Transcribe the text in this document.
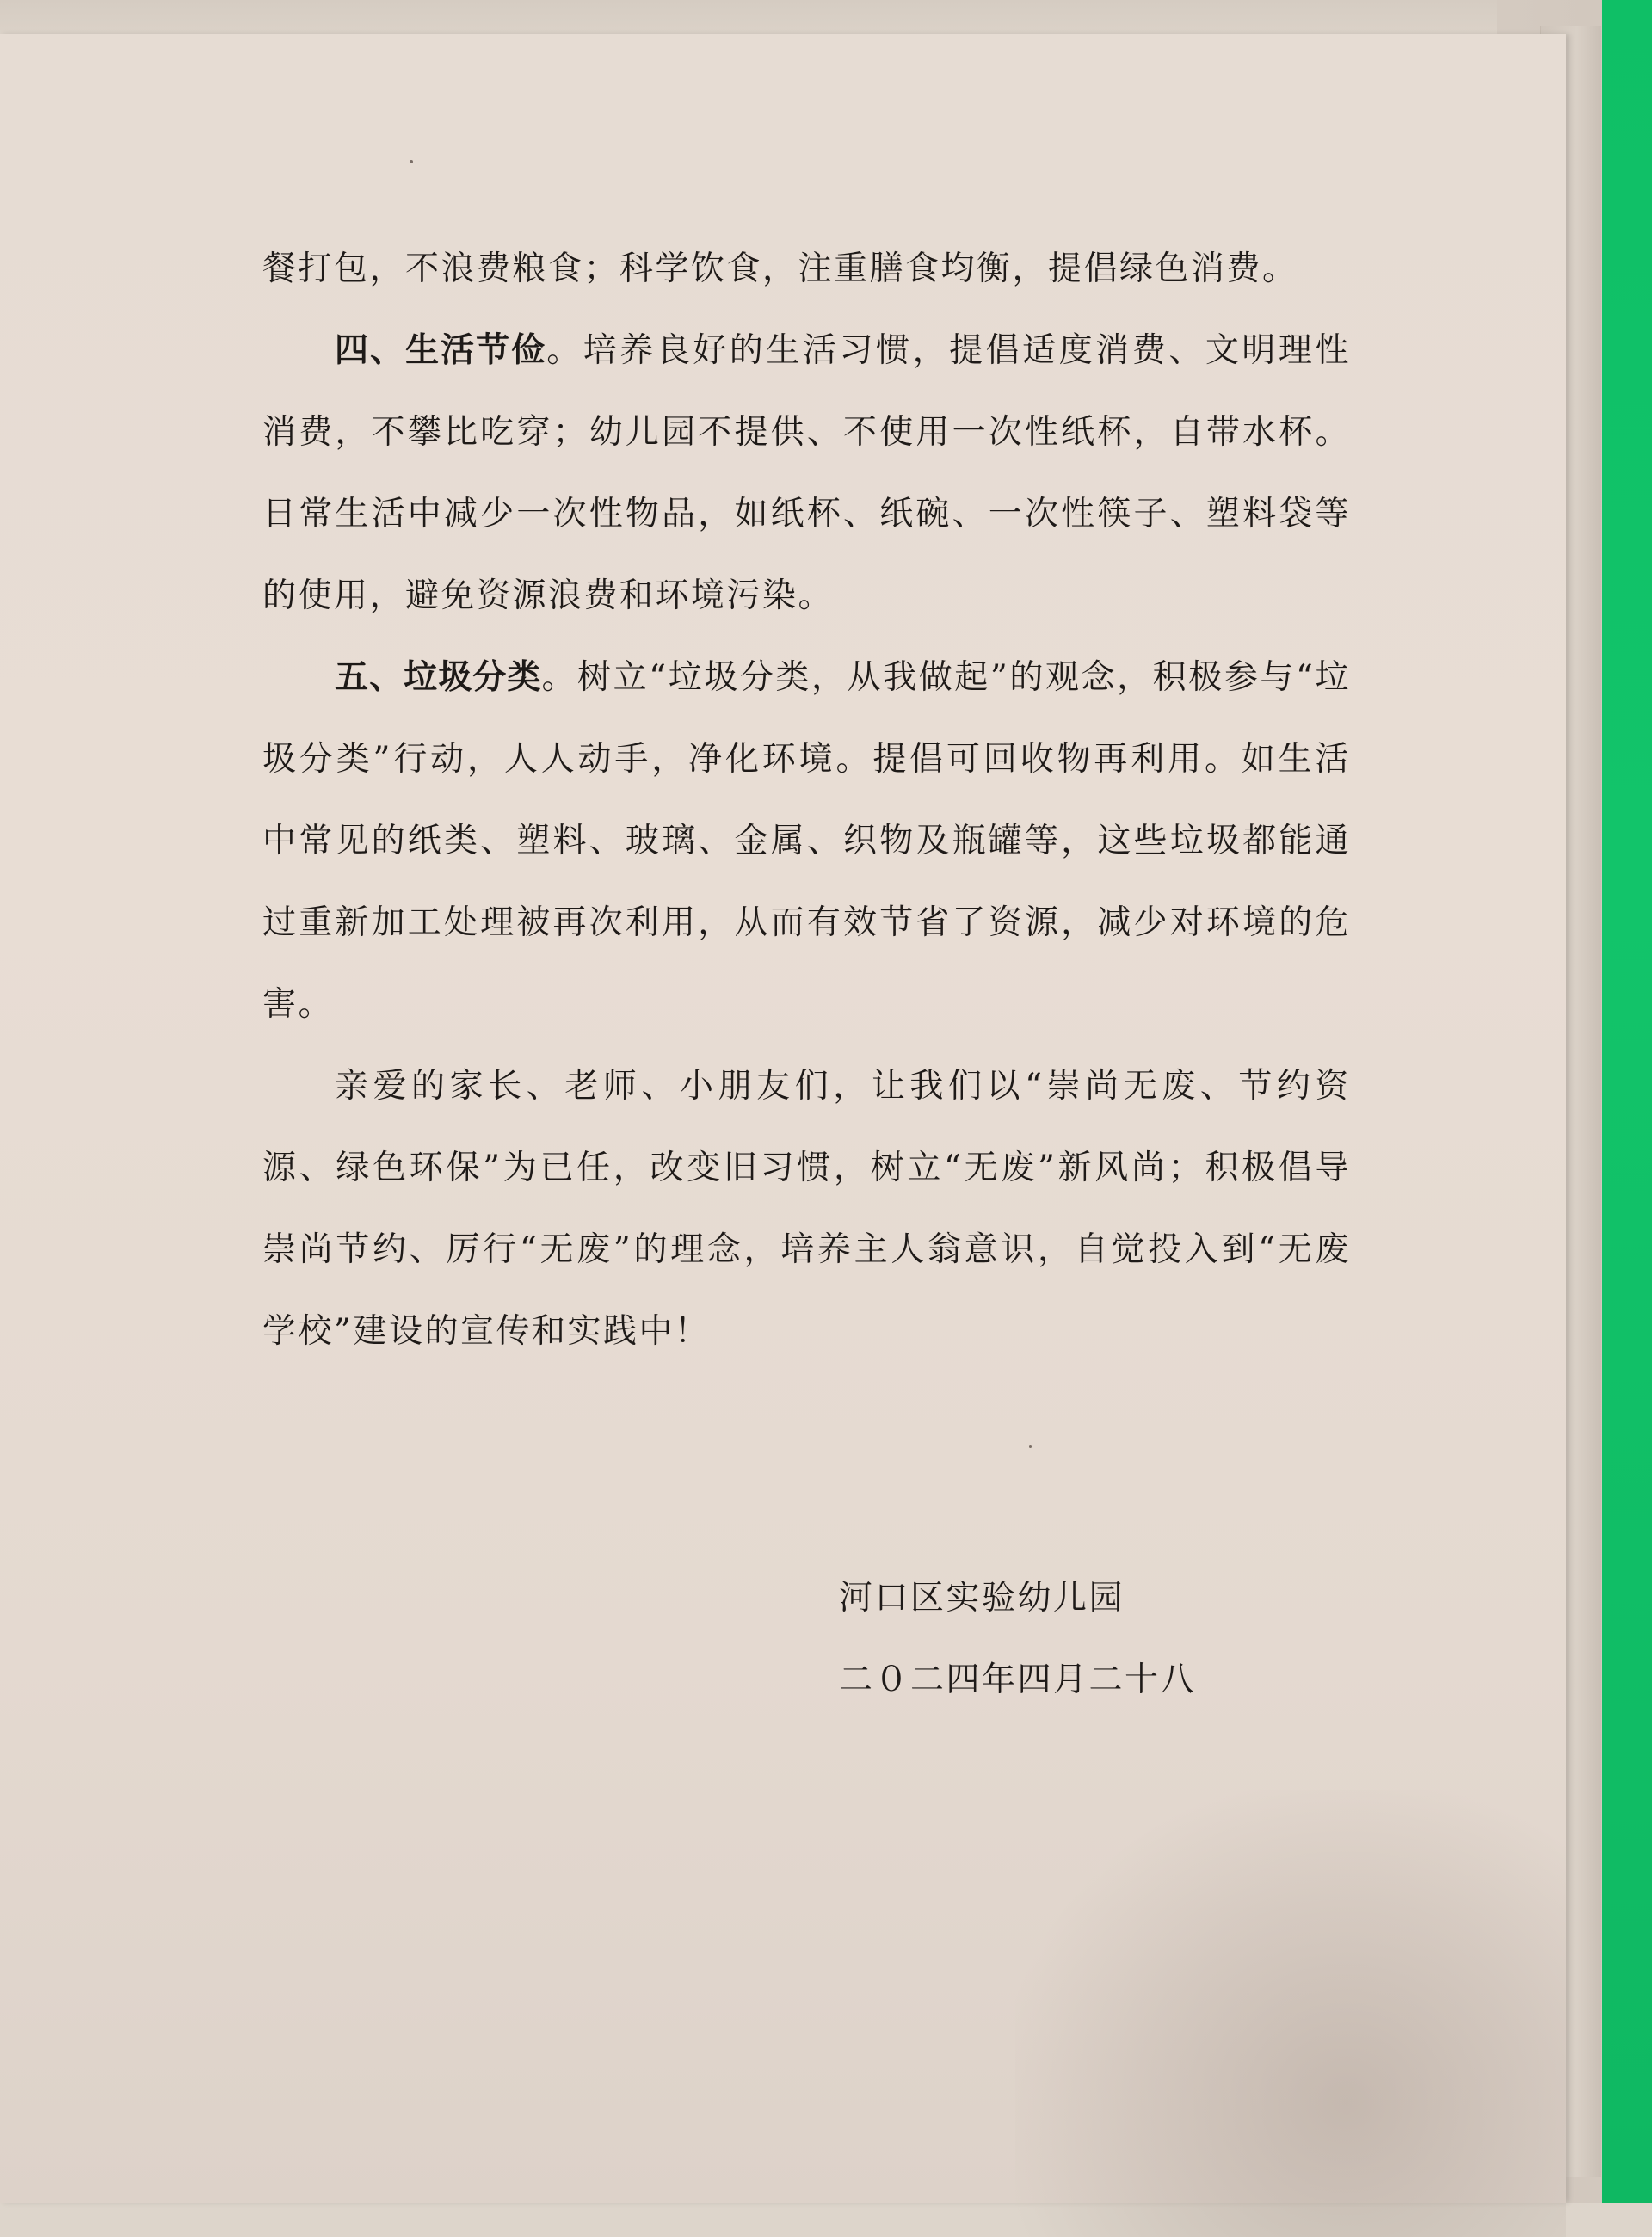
餐打包，不浪费粮食；科学饮食，注重膳食均衡，提倡绿色消费。

四、生活节俭。培养良好的生活习惯，提倡适度消费、文明理性消费，不攀比吃穿；幼儿园不提供、不使用一次性纸杯，自带水杯。日常生活中减少一次性物品，如纸杯、纸碗、一次性筷子、塑料袋等的使用，避免资源浪费和环境污染。

五、垃圾分类。树立“垃圾分类，从我做起”的观念，积极参与“垃圾分类”行动，人人动手，净化环境。提倡可回收物再利用。如生活中常见的纸类、塑料、玻璃、金属、织物及瓶罐等，这些垃圾都能通过重新加工处理被再次利用，从而有效节省了资源，减少对环境的危害。

亲爱的家长、老师、小朋友们，让我们以“崇尚无废、节约资源、绿色环保”为已任，改变旧习惯，树立“无废”新风尚；积极倡导崇尚节约、厉行“无废”的理念，培养主人翁意识，自觉投入到“无废学校”建设的宣传和实践中！

河口区实验幼儿园
二０二四年四月二十八
